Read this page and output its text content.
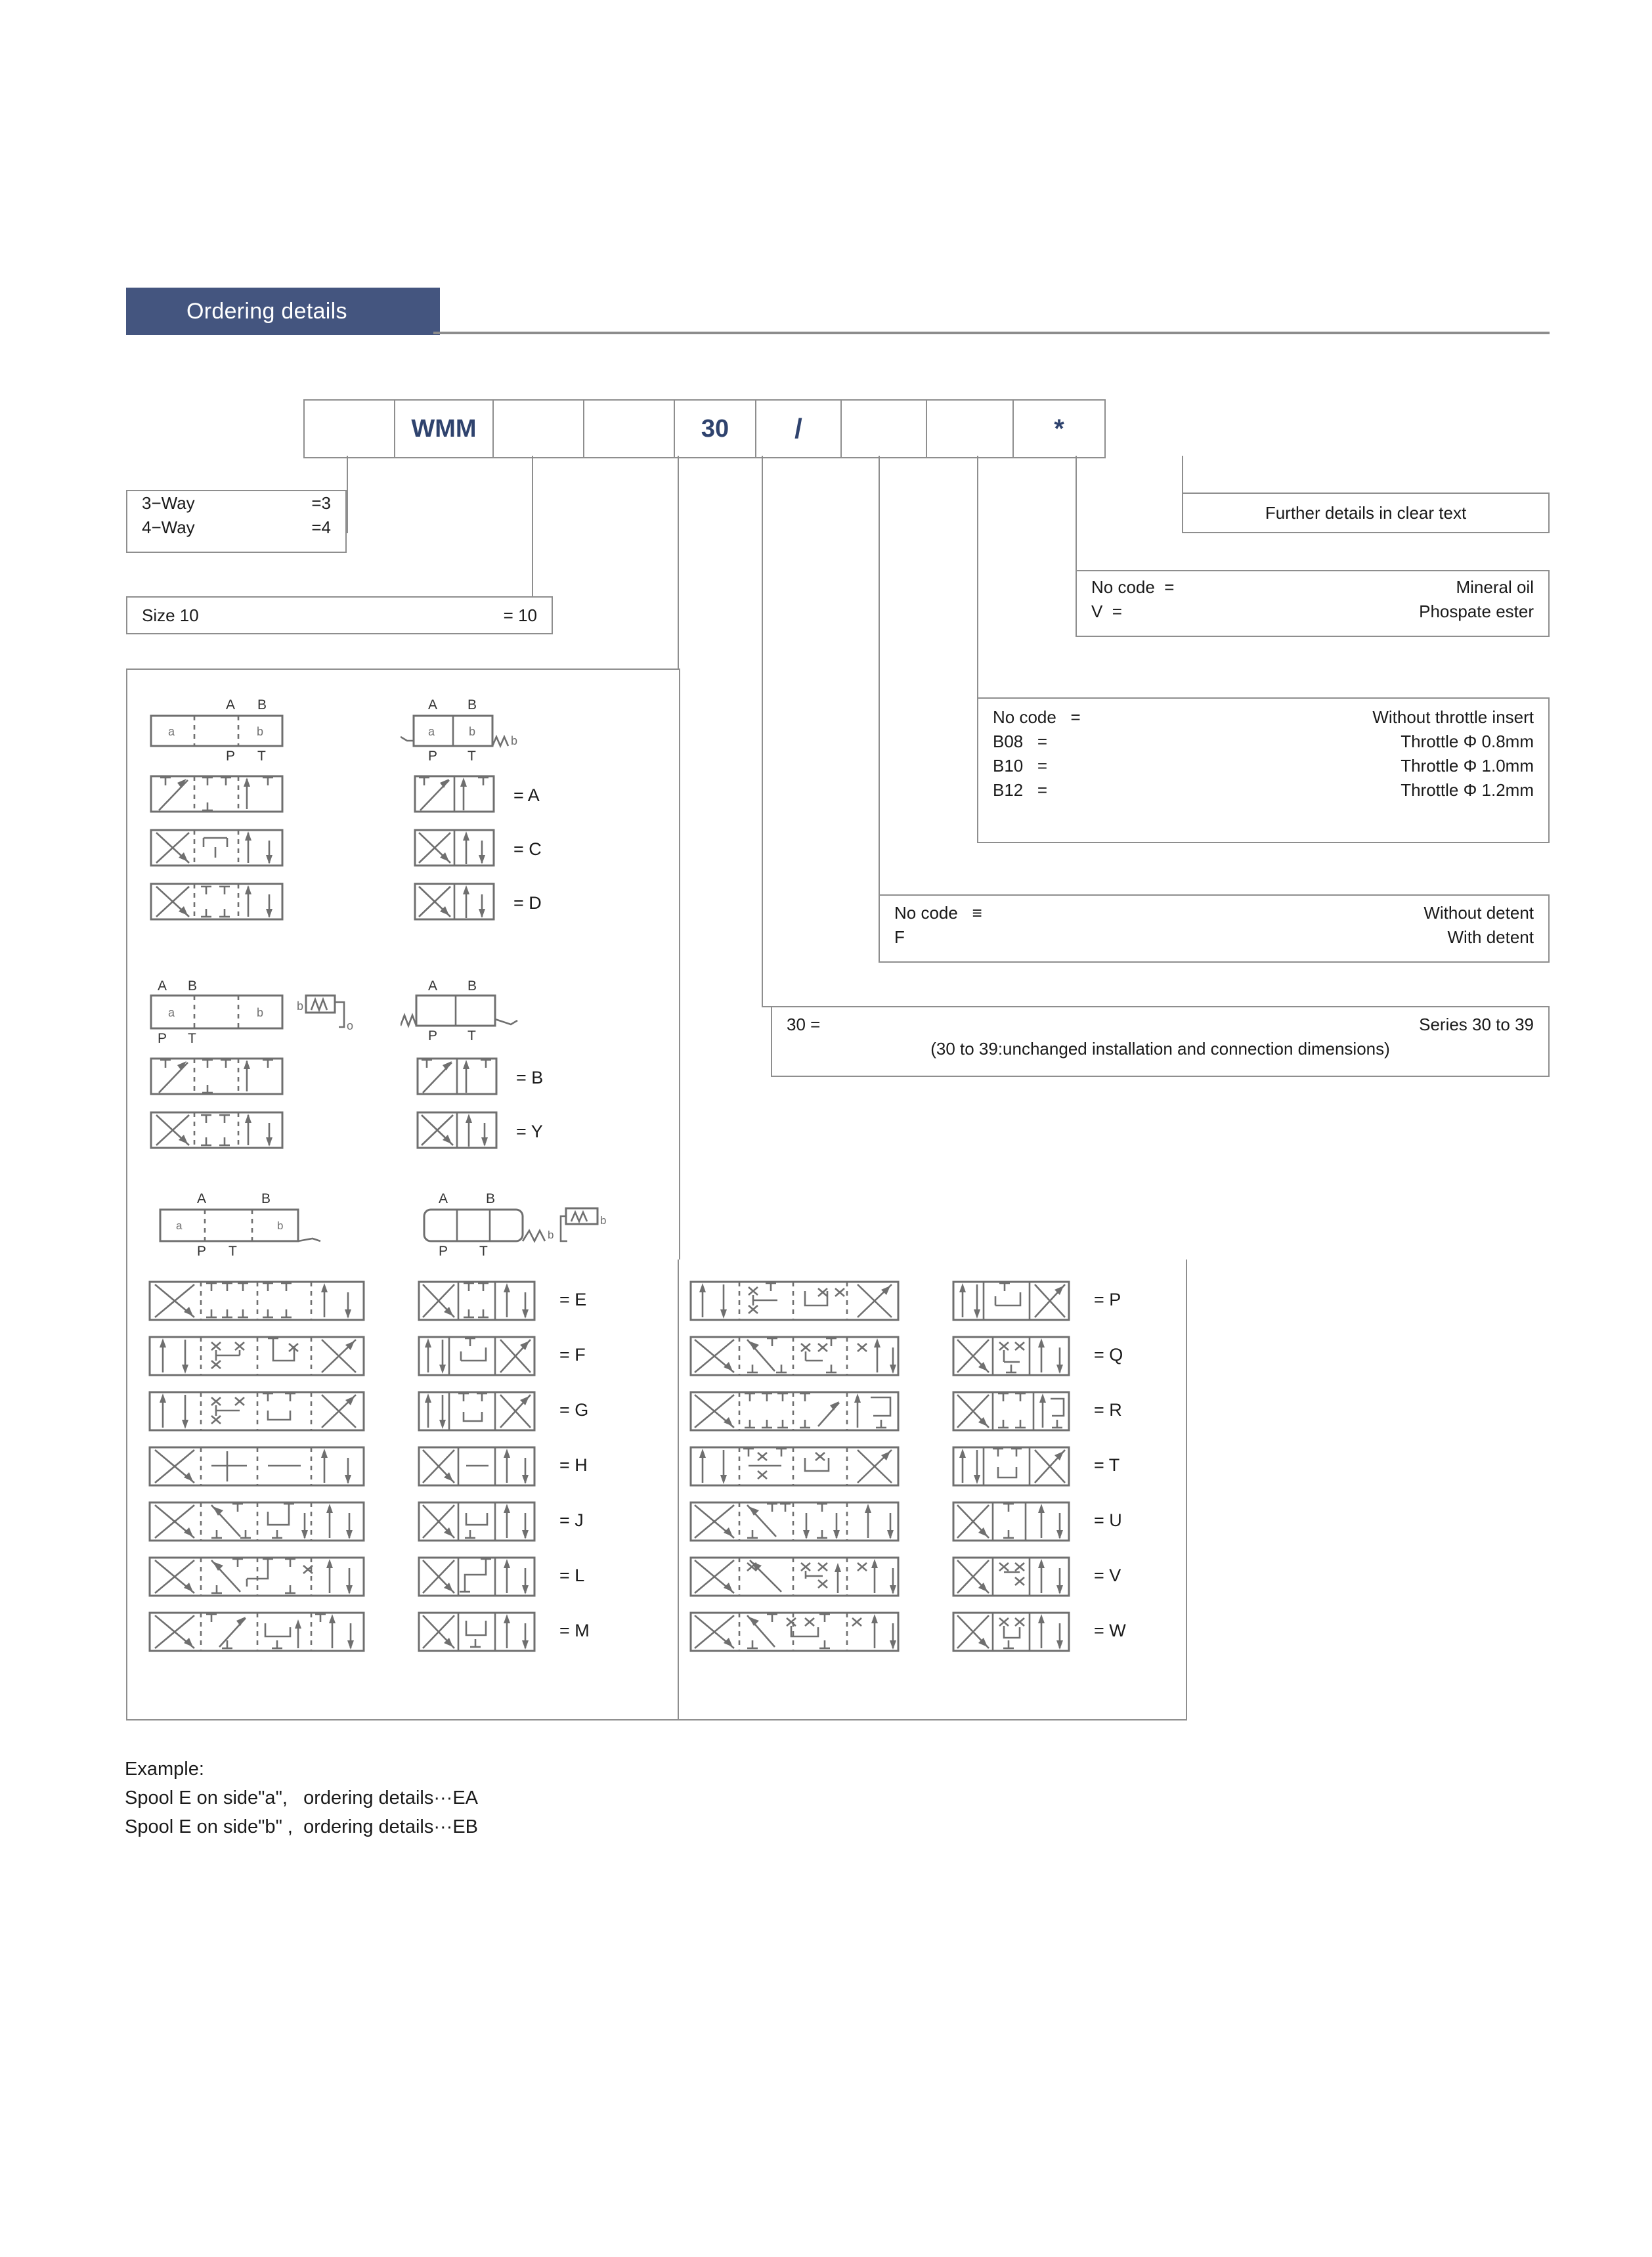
Ordering details
WMM	30	/	*
3−Way	=3
4−Way	=4
Size 10	= 10
Further details in clear text
No code  =	Mineral oil
V  =	Phospate ester
No code   =	Without throttle insert
B08   =	Throttle Φ 0.8mm
B10   =	Throttle Φ 1.0mm
B12   =	Throttle Φ 1.2mm
No code   ≡	Without detent
F	With detent
30 =	Series 30 to 39
(30 to 39:unchanged installation and connection dimensions)
a	b
A B
P T
a	b
b
A B
P T
= A
= C
= D
A B
a	b
P T
b
o
A B
P T
= B
= Y
A	B
a	b
P T
A	B
b
b
P T
= E
= F
= G
= H
= J
= L
= M
= P
= Q
= R
= T
= U
= V
= W
Example:
Spool E on side"a",   ordering details···EA
Spool E on side"b" ,  ordering details···EB
